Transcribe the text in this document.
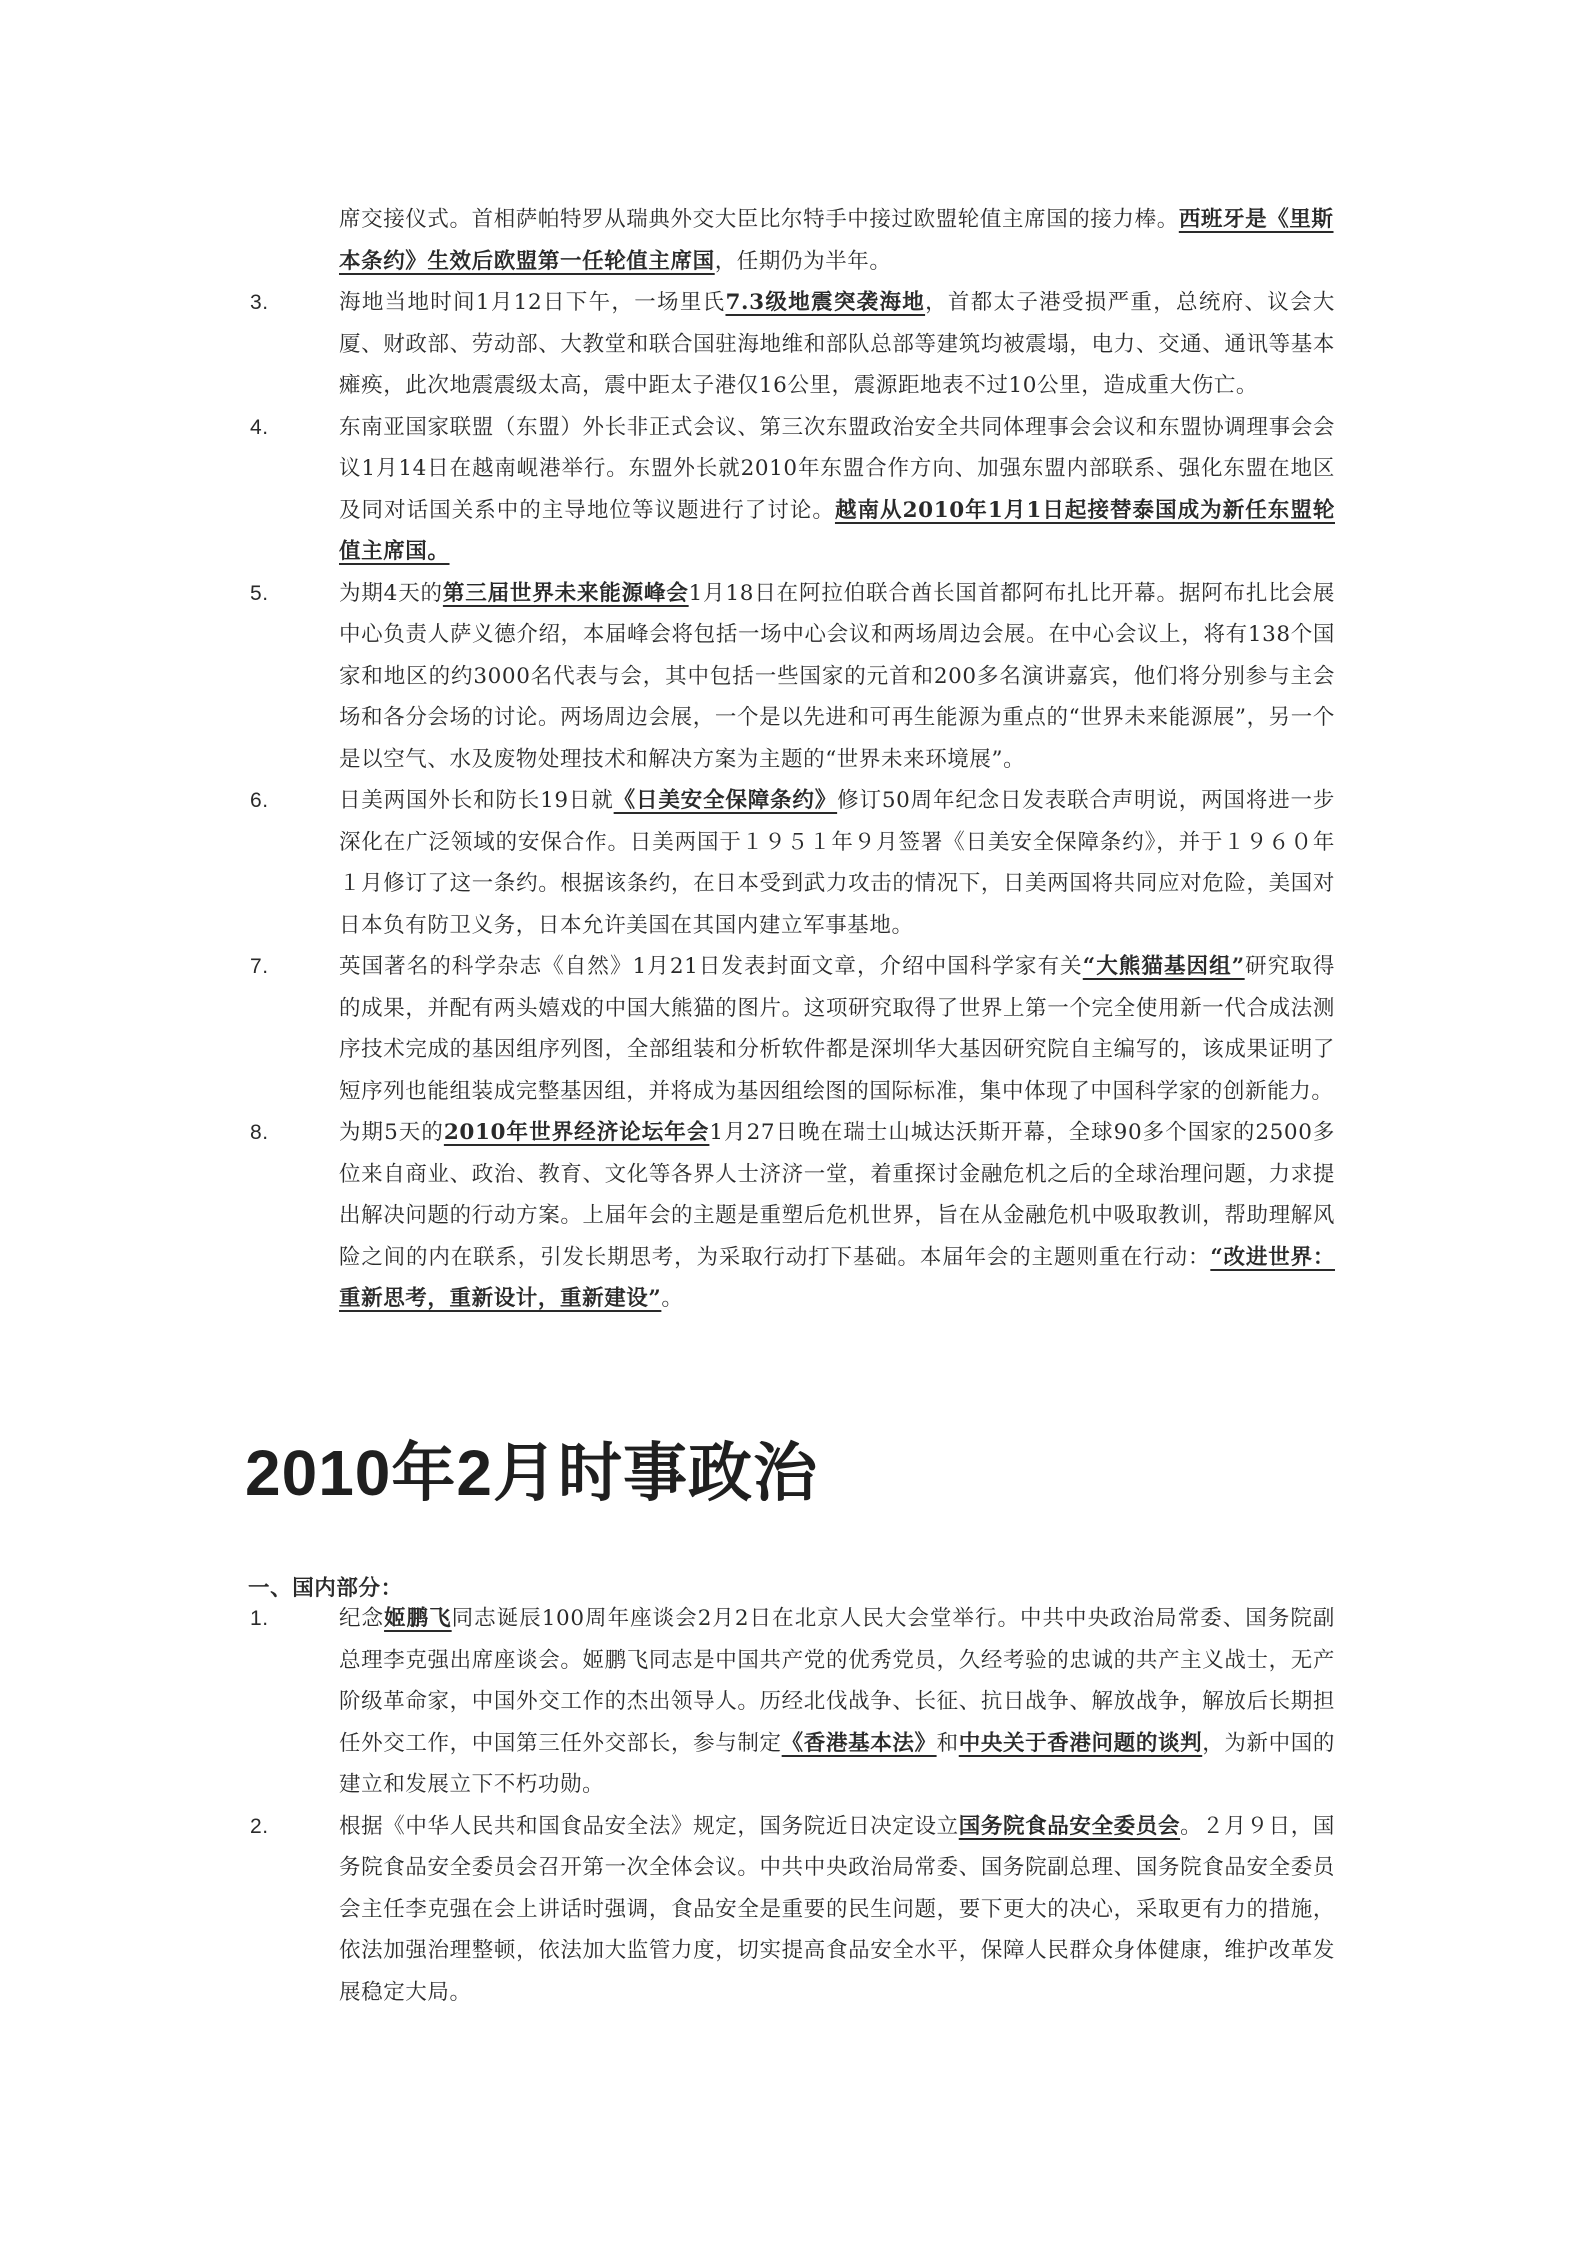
席交接仪式。首相萨帕特罗从瑞典外交大臣比尔特手中接过欧盟轮值主席国的接力棒。西班牙是《里斯本条约》生效后欧盟第一任轮值主席国，任期仍为半年。

3.	海地当地时间1月12日下午，一场里氏7.3级地震突袭海地，首都太子港受损严重，总统府、议会大厦、财政部、劳动部、大教堂和联合国驻海地维和部队总部等建筑均被震塌，电力、交通、通讯等基本瘫痪，此次地震震级太高，震中距太子港仅16公里，震源距地表不过10公里，造成重大伤亡。
4.	东南亚国家联盟（东盟）外长非正式会议、第三次东盟政治安全共同体理事会会议和东盟协调理事会会议1月14日在越南岘港举行。东盟外长就2010年东盟合作方向、加强东盟内部联系、强化东盟在地区及同对话国关系中的主导地位等议题进行了讨论。越南从2010年1月1日起接替泰国成为新任东盟轮值主席国。
5.	为期4天的第三届世界未来能源峰会1月18日在阿拉伯联合酋长国首都阿布扎比开幕。据阿布扎比会展中心负责人萨义德介绍，本届峰会将包括一场中心会议和两场周边会展。在中心会议上，将有138个国家和地区的约3000名代表与会，其中包括一些国家的元首和200多名演讲嘉宾，他们将分别参与主会场和各分会场的讨论。两场周边会展，一个是以先进和可再生能源为重点的“世界未来能源展”，另一个是以空气、水及废物处理技术和解决方案为主题的“世界未来环境展”。
6.	日美两国外长和防长19日就《日美安全保障条约》修订50周年纪念日发表联合声明说，两国将进一步深化在广泛领域的安保合作。日美两国于１９５１年９月签署《日美安全保障条约》，并于１９６０年１月修订了这一条约。根据该条约，在日本受到武力攻击的情况下，日美两国将共同应对危险，美国对日本负有防卫义务，日本允许美国在其国内建立军事基地。
7.	英国著名的科学杂志《自然》1月21日发表封面文章，介绍中国科学家有关“大熊猫基因组”研究取得的成果，并配有两头嬉戏的中国大熊猫的图片。这项研究取得了世界上第一个完全使用新一代合成法测序技术完成的基因组序列图，全部组装和分析软件都是深圳华大基因研究院自主编写的，该成果证明了短序列也能组装成完整基因组，并将成为基因组绘图的国际标准，集中体现了中国科学家的创新能力。
8.	为期5天的2010年世界经济论坛年会1月27日晚在瑞士山城达沃斯开幕，全球90多个国家的2500多位来自商业、政治、教育、文化等各界人士济济一堂，着重探讨金融危机之后的全球治理问题，力求提出解决问题的行动方案。上届年会的主题是重塑后危机世界，旨在从金融危机中吸取教训，帮助理解风险之间的内在联系，引发长期思考，为采取行动打下基础。本届年会的主题则重在行动：“改进世界：重新思考，重新设计，重新建设”。
2010年2月时事政治
一、国内部分：
1.	纪念姬鹏飞同志诞辰100周年座谈会2月2日在北京人民大会堂举行。中共中央政治局常委、国务院副总理李克强出席座谈会。姬鹏飞同志是中国共产党的优秀党员，久经考验的忠诚的共产主义战士，无产阶级革命家，中国外交工作的杰出领导人。历经北伐战争、长征、抗日战争、解放战争，解放后长期担任外交工作，中国第三任外交部长，参与制定《香港基本法》和中央关于香港问题的谈判，为新中国的建立和发展立下不朽功勋。
2.	根据《中华人民共和国食品安全法》规定，国务院近日决定设立国务院食品安全委员会。２月９日，国务院食品安全委员会召开第一次全体会议。中共中央政治局常委、国务院副总理、国务院食品安全委员会主任李克强在会上讲话时强调，食品安全是重要的民生问题，要下更大的决心，采取更有力的措施，依法加强治理整顿，依法加大监管力度，切实提高食品安全水平，保障人民群众身体健康，维护改革发展稳定大局。
